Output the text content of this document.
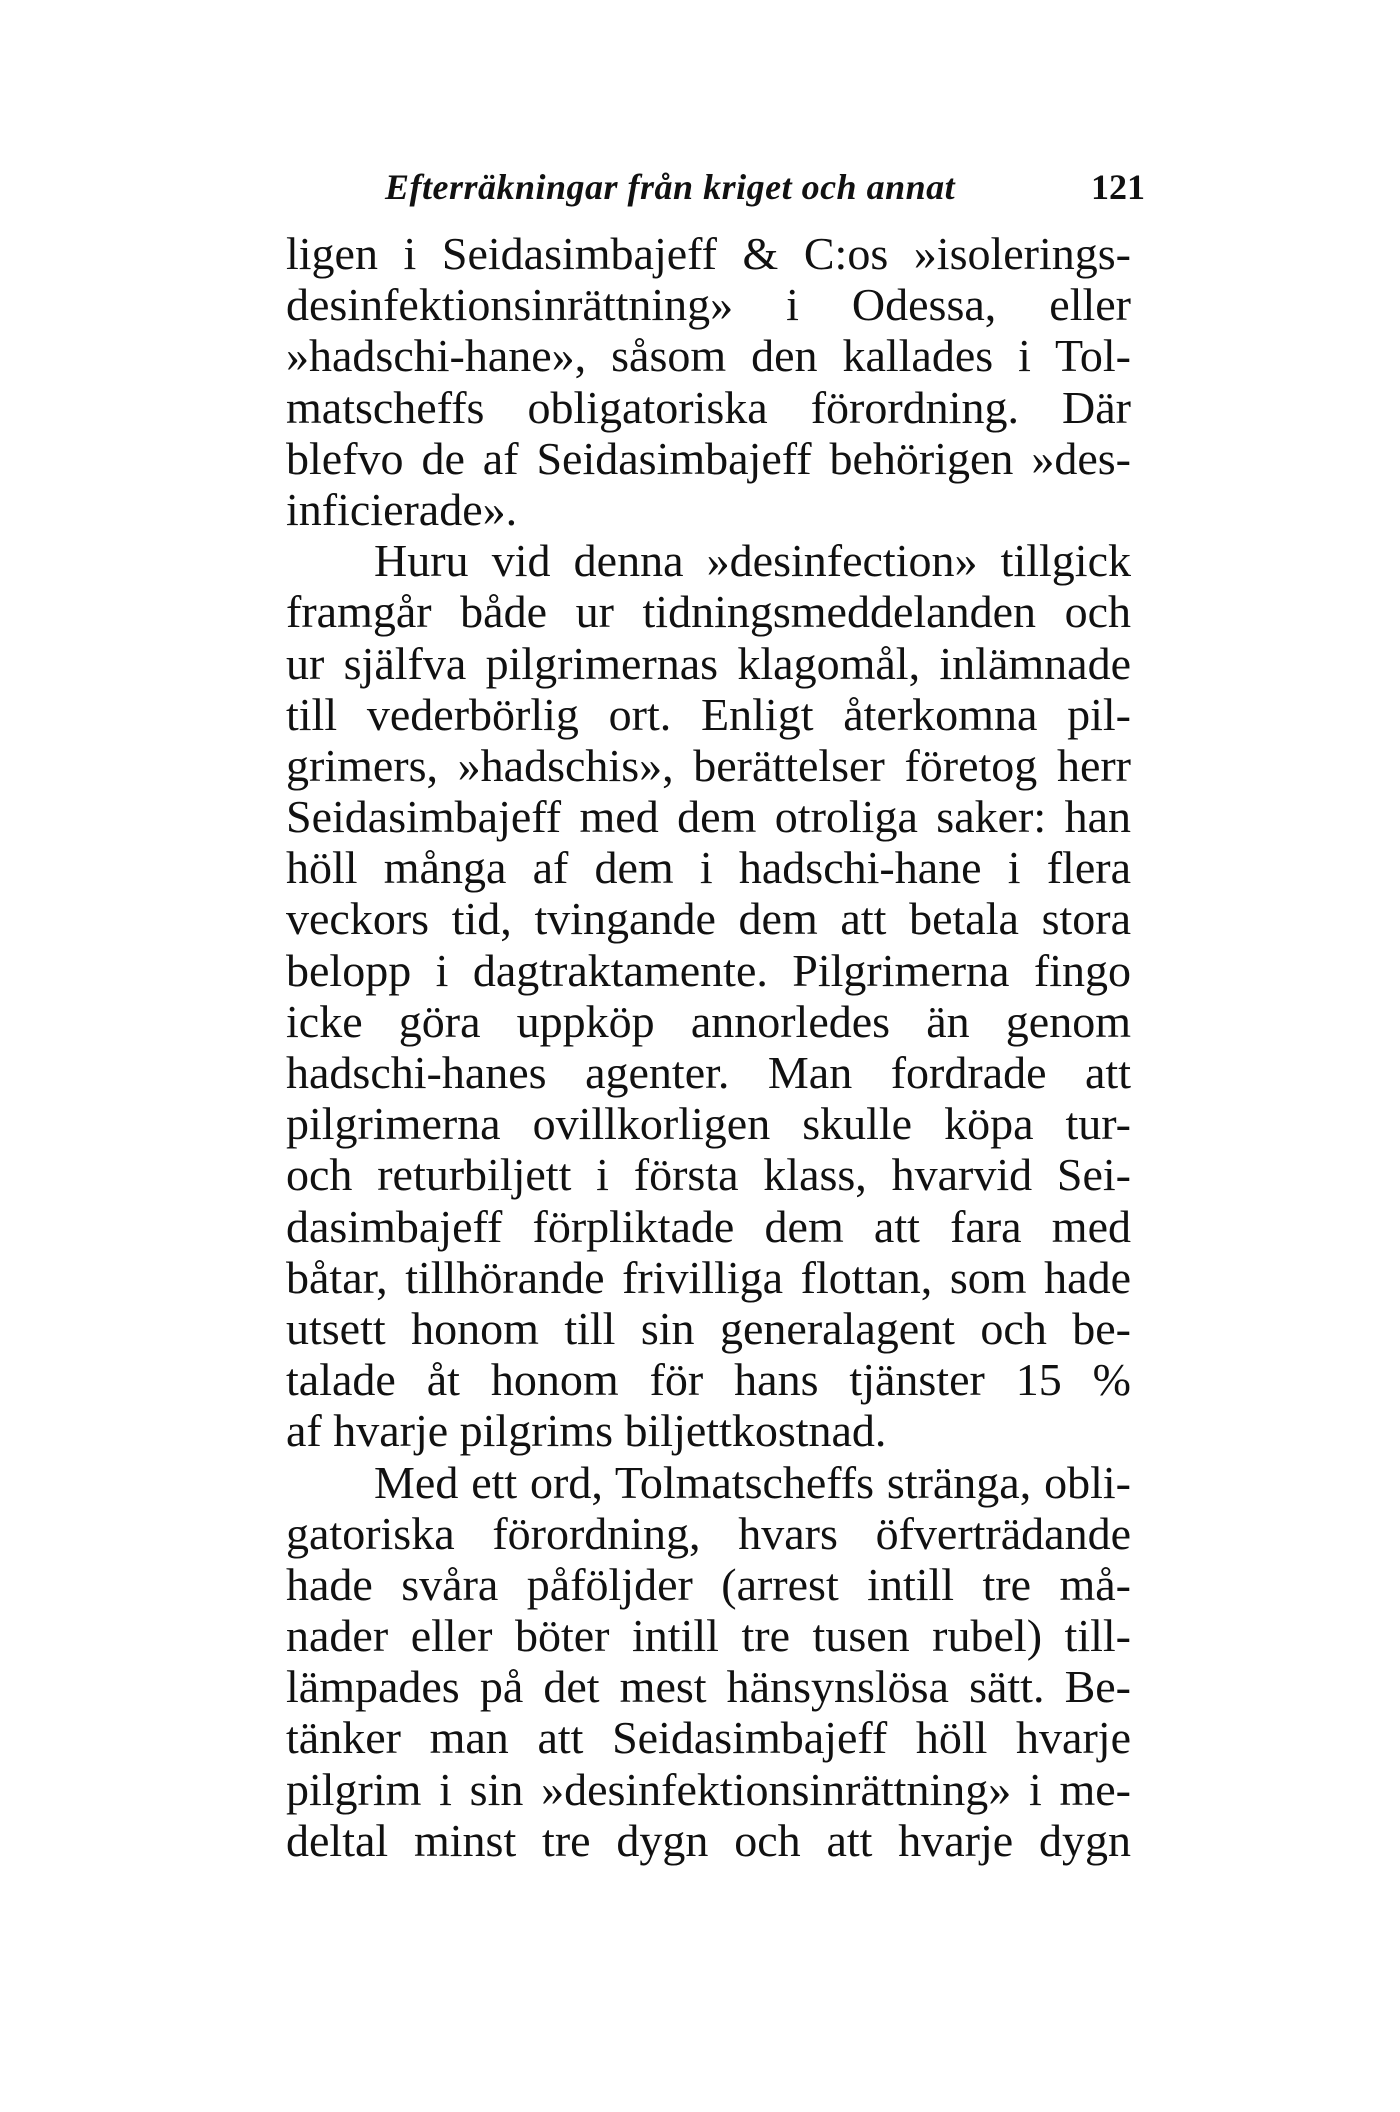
Efterräkningar från kriget och annat	121
ligen i Seidasimbajeff & C:os »isolerings-
desinfektionsinrättning» i Odessa, eller
»hadschi-hane», såsom den kallades i Tol-
matscheffs obligatoriska förordning. Där
blefvo de af Seidasimbajeff behörigen »des-
inficierade».
Huru vid denna »desinfection» tillgick
framgår både ur tidningsmeddelanden och
ur själfva pilgrimernas klagomål, inlämnade
till vederbörlig ort. Enligt återkomna pil-
grimers, »hadschis», berättelser företog herr
Seidasimbajeff med dem otroliga saker: han
höll många af dem i hadschi-hane i flera
veckors tid, tvingande dem att betala stora
belopp i dagtraktamente. Pilgrimerna fingo
icke göra uppköp annorledes än genom
hadschi-hanes agenter. Man fordrade att
pilgrimerna ovillkorligen skulle köpa tur-
och returbiljett i första klass, hvarvid Sei-
dasimbajeff förpliktade dem att fara med
båtar, tillhörande frivilliga flottan, som hade
utsett honom till sin generalagent och be-
talade åt honom för hans tjänster 15 %
af hvarje pilgrims biljettkostnad.
Med ett ord, Tolmatscheffs stränga, obli-
gatoriska förordning, hvars öfverträdande
hade svåra påföljder (arrest intill tre må-
nader eller böter intill tre tusen rubel) till-
lämpades på det mest hänsynslösa sätt. Be-
tänker man att Seidasimbajeff höll hvarje
pilgrim i sin »desinfektionsinrättning» i me-
deltal minst tre dygn och att hvarje dygn
